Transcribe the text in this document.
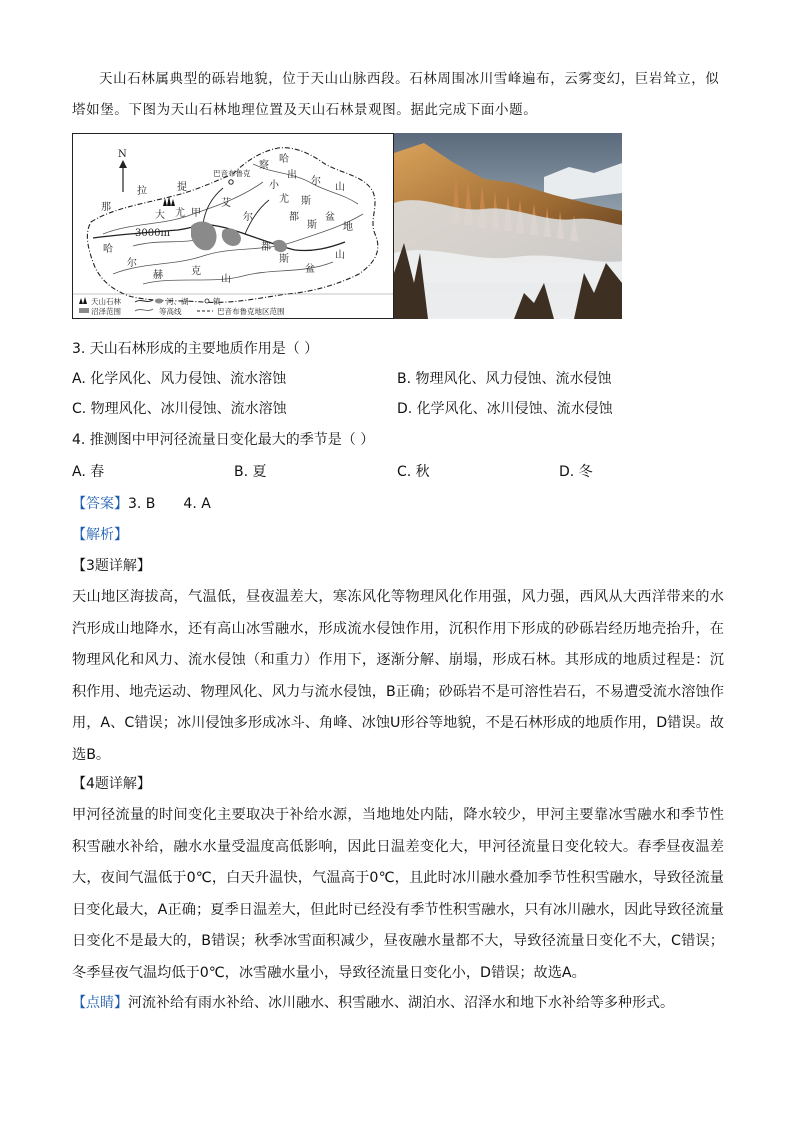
天山石林属典型的砾岩地貌，位于天山山脉西段。石林周围冰川雪峰遍布，云雾变幻，巨岩耸立，似塔如堡。下图为天山石林地理位置及天山石林景观图。据此完成下面小题。
N
巴音布鲁克
那
拉	提
大 尤 甲
艾
尔
哈
尔
赫	克
山
3000m
察
哈
出
尔
山
小
尤 斯
都
斯
盆
地
都
斯
盆
山
天山石林	河、湖	镇
沼泽范围	等高线	巴音布鲁克地区范围
3. 天山石林形成的主要地质作用是（ ）
A. 化学风化、风力侵蚀、流水溶蚀	B. 物理风化、风力侵蚀、流水侵蚀
C. 物理风化、冰川侵蚀、流水溶蚀	D. 化学风化、冰川侵蚀、流水侵蚀
4. 推测图中甲河径流量日变化最大的季节是（ ）
A. 春	B. 夏	C. 秋	D. 冬
【答案】3. B 4. A
【解析】
【3题详解】
天山地区海拔高，气温低，昼夜温差大，寒冻风化等物理风化作用强，风力强，西风从大西洋带来的水汽形成山地降水，还有高山冰雪融水，形成流水侵蚀作用，沉积作用下形成的砂砾岩经历地壳抬升，在物理风化和风力、流水侵蚀（和重力）作用下，逐渐分解、崩塌，形成石林。其形成的地质过程是：沉积作用、地壳运动、物理风化、风力与流水侵蚀，B正确；砂砾岩不是可溶性岩石，不易遭受流水溶蚀作用，A、C错误；冰川侵蚀多形成冰斗、角峰、冰蚀U形谷等地貌，不是石林形成的地质作用，D错误。故选B。
【4题详解】
甲河径流量的时间变化主要取决于补给水源，当地地处内陆，降水较少，甲河主要靠冰雪融水和季节性积雪融水补给，融水水量受温度高低影响，因此日温差变化大，甲河径流量日变化较大。春季昼夜温差大，夜间气温低于0℃，白天升温快，气温高于0℃，且此时冰川融水叠加季节性积雪融水，导致径流量日变化最大，A正确；夏季日温差大，但此时已经没有季节性积雪融水，只有冰川融水，因此导致径流量日变化不是最大的，B错误；秋季冰雪面积减少，昼夜融水量都不大，导致径流量日变化不大，C错误；冬季昼夜气温均低于0℃，冰雪融水量小，导致径流量日变化小，D错误；故选A。
【点睛】河流补给有雨水补给、冰川融水、积雪融水、湖泊水、沼泽水和地下水补给等多种形式。
